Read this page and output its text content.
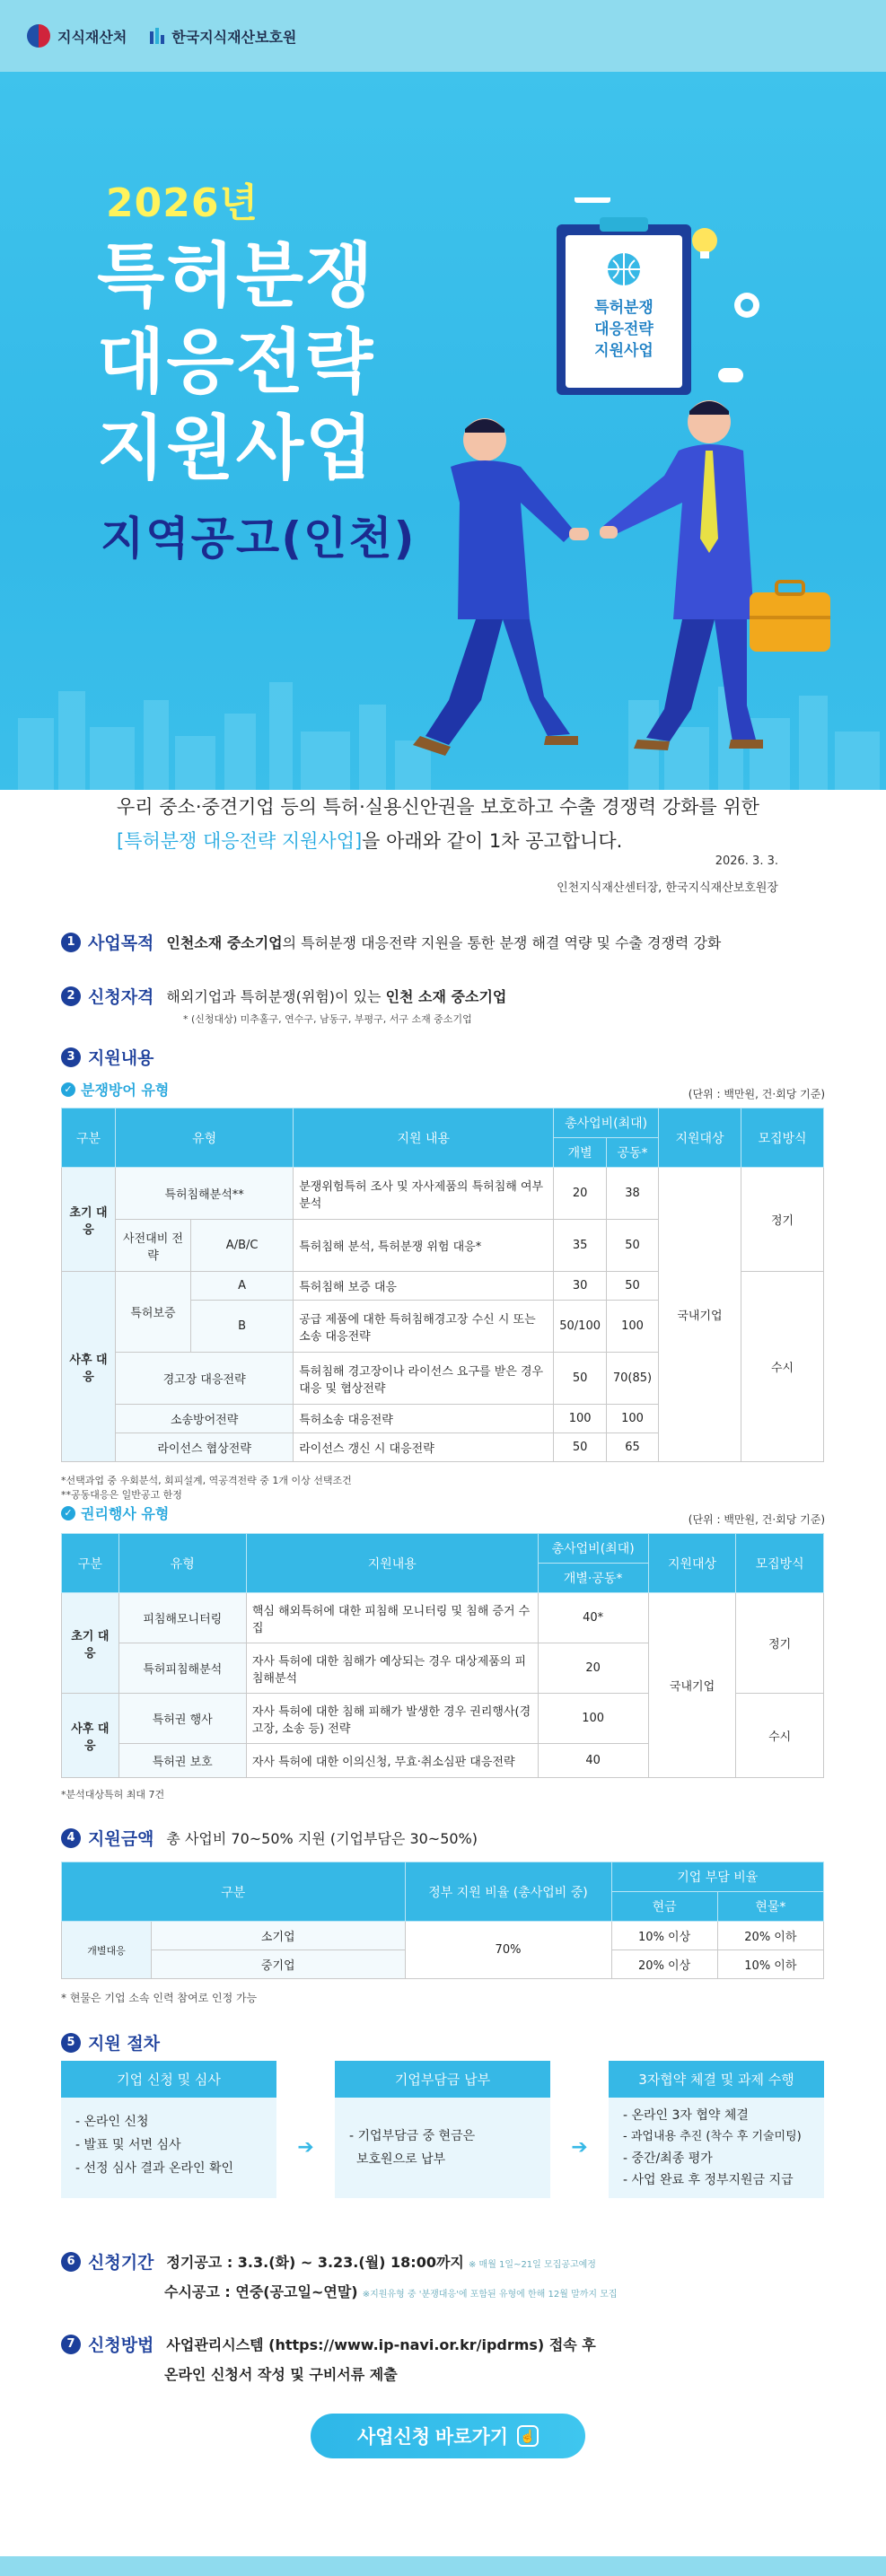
지식재산처	한국지식재산보호원
2026년
특허분쟁
대응전략
지원사업
지역공고(인천)
특허분쟁
대응전략
지원사업
우리 중소·중견기업 등의 특허·실용신안권을 보호하고 수출 경쟁력 강화를 위한
[특허분쟁 대응전략 지원사업]을 아래와 같이 1차 공고합니다.
2026. 3. 3.
인천지식재산센터장, 한국지식재산보호원장
1 사업목적 인천소재 중소기업의 특허분쟁 대응전략 지원을 통한 분쟁 해결 역량 및 수출 경쟁력 강화
2 신청자격 해외기업과 특허분쟁(위험)이 있는 인천 소재 중소기업
* (신청대상) 미추홀구, 연수구, 남동구, 부평구, 서구 소재 중소기업
3 지원내용
✓ 분쟁방어 유형	(단위 : 백만원, 건·회당 기준)
구분	유형		지원 내용	총사업비(최대)		지원대상	모집방식
				개별	공동*		
초기 대응	특허침해분석**		분쟁위험특허 조사 및 자사제품의 특허침해 여부 분석	20	38	국내기업	정기
	사전대비 전략	A/B/C	특허침해 분석, 특허분쟁 위험 대응*	35	50		
사후 대응	특허보증	A	특허침해 보증 대응	30	50		수시
		B	공급 제품에 대한 특허침해경고장 수신 시 또는 소송 대응전략	50/100	100		
	경고장 대응전략		특허침해 경고장이나 라이선스 요구를 받은 경우 대응 및 협상전략	50	70(85)		
	소송방어전략		특허소송 대응전략	100	100		
	라이선스 협상전략		라이선스 갱신 시 대응전략	50	65		
*선택과업 중 우회분석, 회피설계, 역공격전략 중 1개 이상 선택조건
**공동대응은 일반공고 한정
✓ 권리행사 유형	(단위 : 백만원, 건·회당 기준)
구분	유형	지원내용	총사업비(최대)	지원대상	모집방식
			개별·공동*		
초기 대응	피침해모니터링	핵심 해외특허에 대한 피침해 모니터링 및 침해 증거 수집	40*	국내기업	정기
	특허피침해분석	자사 특허에 대한 침해가 예상되는 경우 대상제품의 피침해분석	20		
사후 대응	특허권 행사	자사 특허에 대한 침해 피해가 발생한 경우 권리행사(경고장, 소송 등) 전략	100		수시
	특허권 보호	자사 특허에 대한 이의신청, 무효·취소심판 대응전략	40		
*분석대상특허 최대 7건
4 지원금액 총 사업비 70~50% 지원 (기업부담은 30~50%)
구분		정부 지원 비율 (총사업비 중)	기업 부담 비율	
			현금	현물*
개별대응	소기업	70%	10% 이상	20% 이하
	중기업		20% 이상	10% 이하
* 현물은 기업 소속 인력 참여로 인정 가능
5 지원 절차
기업 신청 및 심사
- 온라인 신청
- 발표 및 서면 심사
- 선정 심사 결과 온라인 확인
➔
기업부담금 납부
- 기업부담금 중 현금은
보호원으로 납부
➔
3자협약 체결 및 과제 수행
- 온라인 3자 협약 체결
- 과업내용 추진 (착수 후 기술미팅)
- 중간/최종 평가
- 사업 완료 후 정부지원금 지급
6 신청기간 정기공고 : 3.3.(화) ~ 3.23.(월) 18:00까지 ※ 매월 1일~21일 모집공고예정
수시공고 : 연중(공고일~연말) ※지원유형 중 '분쟁대응'에 포함된 유형에 한해 12월 말까지 모집
7 신청방법 사업관리시스템 (https://www.ip-navi.or.kr/ipdrms) 접속 후
온라인 신청서 작성 및 구비서류 제출
사업신청 바로가기 ☝
